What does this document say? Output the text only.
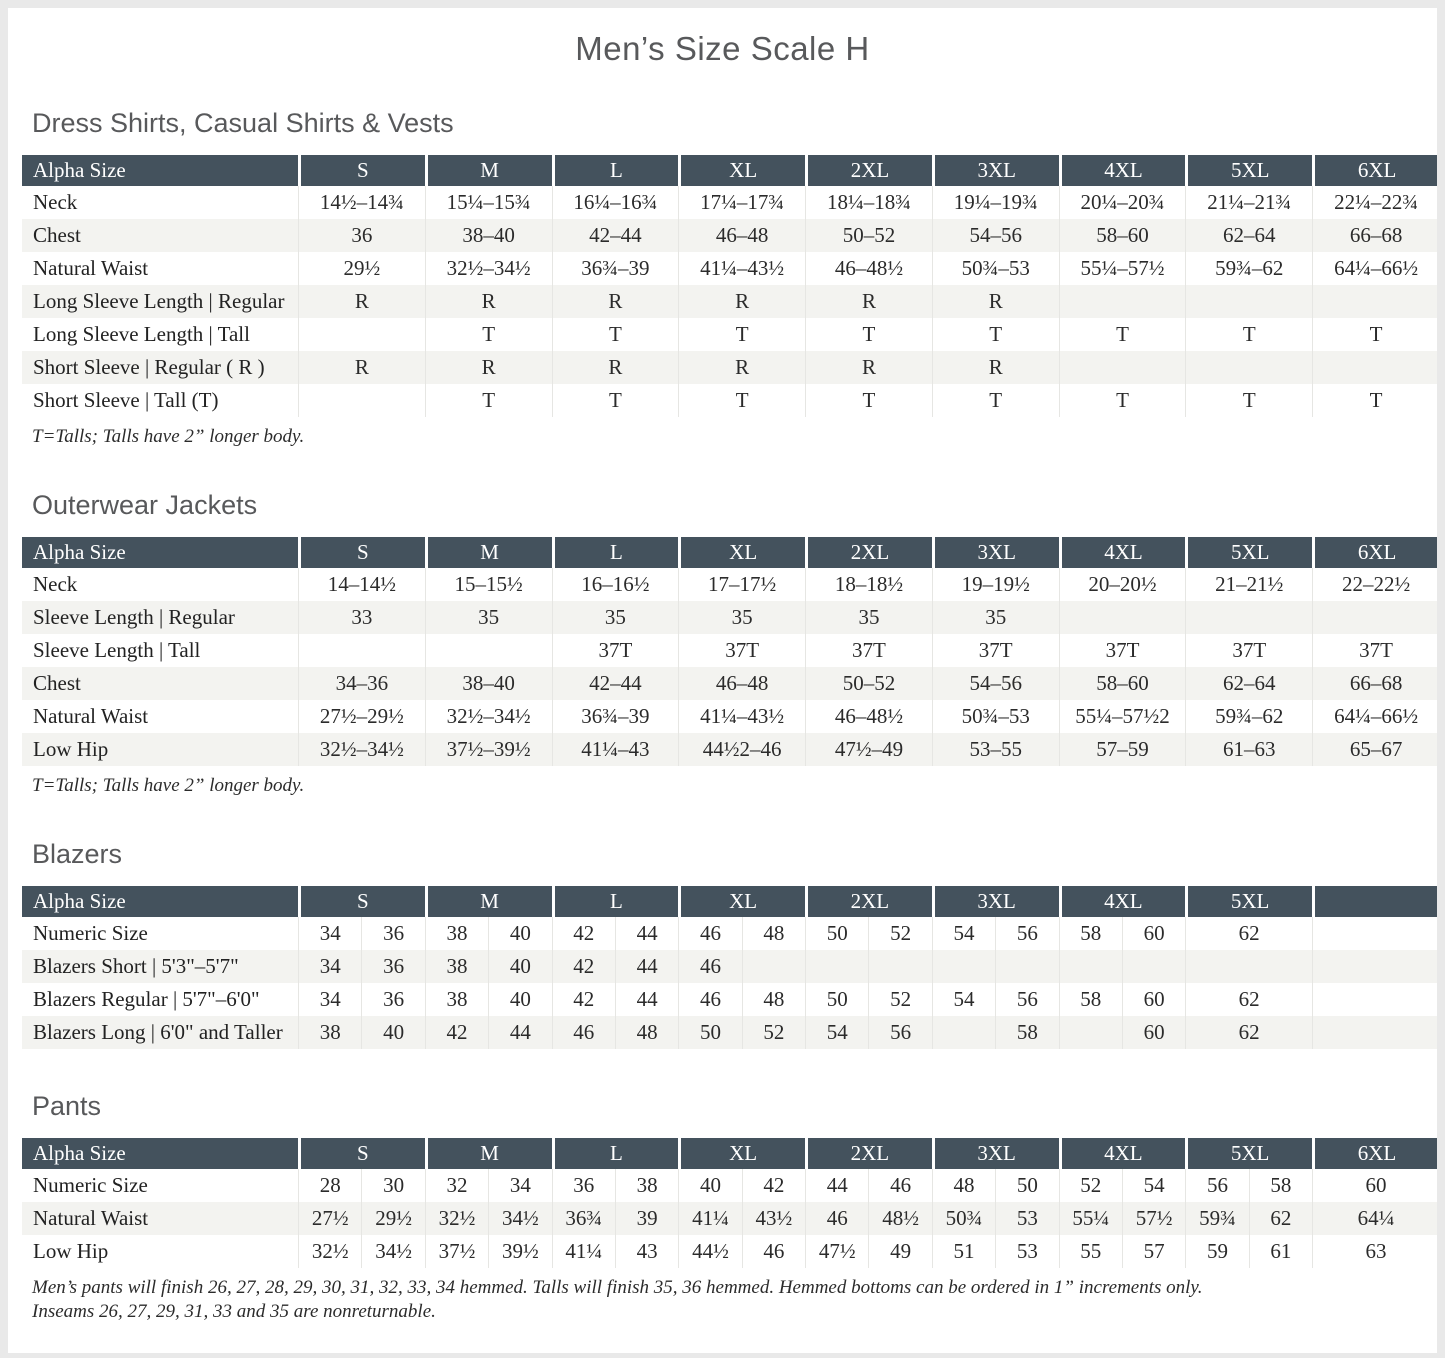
Men’s Size Scale H
Dress Shirts, Casual Shirts & Vests
Alpha Size	S	M	L	XL	2XL	3XL	4XL	5XL	6XL
Neck	14½–14¾	15¼–15¾	16¼–16¾	17¼–17¾	18¼–18¾	19¼–19¾	20¼–20¾	21¼–21¾	22¼–22¾
Chest	36	38–40	42–44	46–48	50–52	54–56	58–60	62–64	66–68
Natural Waist	29½	32½–34½	36¾–39	41¼–43½	46–48½	50¾–53	55¼–57½	59¾–62	64¼–66½
Long Sleeve Length | Regular	R	R	R	R	R	R			
Long Sleeve Length | Tall		T	T	T	T	T	T	T	T
Short Sleeve | Regular ( R )	R	R	R	R	R	R			
Short Sleeve | Tall (T)		T	T	T	T	T	T	T	T

T=Talls; Talls have 2” longer body.

Outerwear Jackets
Alpha Size	S	M	L	XL	2XL	3XL	4XL	5XL	6XL
Neck	14–14½	15–15½	16–16½	17–17½	18–18½	19–19½	20–20½	21–21½	22–22½
Sleeve Length | Regular	33	35	35	35	35	35			
Sleeve Length | Tall			37T	37T	37T	37T	37T	37T	37T
Chest	34–36	38–40	42–44	46–48	50–52	54–56	58–60	62–64	66–68
Natural Waist	27½–29½	32½–34½	36¾–39	41¼–43½	46–48½	50¾–53	55¼–57½2	59¾–62	64¼–66½
Low Hip	32½–34½	37½–39½	41¼–43	44½2–46	47½–49	53–55	57–59	61–63	65–67

T=Talls; Talls have 2” longer body.

Blazers
Alpha Size	S		M		L		XL		2XL		3XL		4XL		5XL	
Numeric Size	34	36	38	40	42	44	46	48	50	52	54	56	58	60	62	
Blazers Short | 5'3"–5'7"	34	36	38	40	42	44	46									
Blazers Regular | 5'7"–6'0"	34	36	38	40	42	44	46	48	50	52	54	56	58	60	62	
Blazers Long | 6'0" and Taller	38	40	42	44	46	48	50	52	54	56		58		60	62	
Pants
Alpha Size	S		M		L		XL		2XL		3XL		4XL		5XL		6XL
Numeric Size	28	30	32	34	36	38	40	42	44	46	48	50	52	54	56	58	60
Natural Waist	27½	29½	32½	34½	36¾	39	41¼	43½	46	48½	50¾	53	55¼	57½	59¾	62	64¼
Low Hip	32½	34½	37½	39½	41¼	43	44½	46	47½	49	51	53	55	57	59	61	63

Men’s pants will finish 26, 27, 28, 29, 30, 31, 32, 33, 34 hemmed. Talls will finish 35, 36 hemmed. Hemmed bottoms can be ordered in 1” increments only.

Inseams 26, 27, 29, 31, 33 and 35 are nonreturnable.
